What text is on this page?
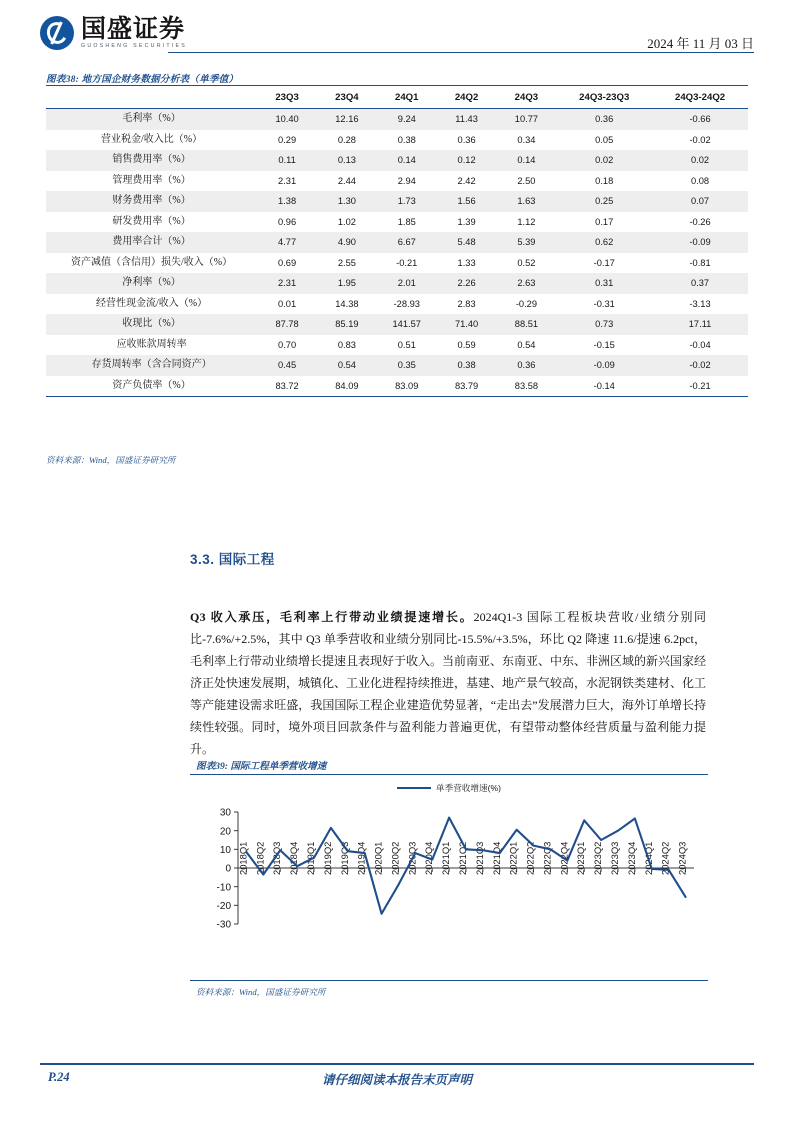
国盛证券
GUOSHENG SECURITIES	2024 年 11 月 03 日
图表38: 地方国企财务数据分析表（单季值）
	23Q3	23Q4	24Q1	24Q2	24Q3	24Q3-23Q3	24Q3-24Q2
毛利率（%）	10.40	12.16	9.24	11.43	10.77	0.36	-0.66
营业税金/收入比（%）	0.29	0.28	0.38	0.36	0.34	0.05	-0.02
销售费用率（%）	0.11	0.13	0.14	0.12	0.14	0.02	0.02
管理费用率（%）	2.31	2.44	2.94	2.42	2.50	0.18	0.08
财务费用率（%）	1.38	1.30	1.73	1.56	1.63	0.25	0.07
研发费用率（%）	0.96	1.02	1.85	1.39	1.12	0.17	-0.26
费用率合计（%）	4.77	4.90	6.67	5.48	5.39	0.62	-0.09
资产减值（含信用）损失/收入（%）	0.69	2.55	-0.21	1.33	0.52	-0.17	-0.81
净利率（%）	2.31	1.95	2.01	2.26	2.63	0.31	0.37
经营性现金流/收入（%）	0.01	14.38	-28.93	2.83	-0.29	-0.31	-3.13
收现比（%）	87.78	85.19	141.57	71.40	88.51	0.73	17.11
应收账款周转率	0.70	0.83	0.51	0.59	0.54	-0.15	-0.04
存货周转率（含合同资产）	0.45	0.54	0.35	0.38	0.36	-0.09	-0.02
资产负债率（%）	83.72	84.09	83.09	83.79	83.58	-0.14	-0.21
资料来源：Wind，国盛证券研究所
3.3. 国际工程

Q3 收入承压，毛利率上行带动业绩提速增长。2024Q1-3 国际工程板块营收/业绩分别同比-7.6%/+2.5%，其中 Q3 单季营收和业绩分别同比-15.5%/+3.5%，环比 Q2 降速 11.6/提速 6.2pct，毛利率上行带动业绩增长提速且表现好于收入。当前南亚、东南亚、中东、非洲区域的新兴国家经济正处快速发展期，城镇化、工业化进程持续推进，基建、地产景气较高，水泥钢铁类建材、化工等产能建设需求旺盛，我国国际工程企业建造优势显著，“走出去”发展潜力巨大，海外订单增长持续性较强。同时，境外项目回款条件与盈利能力普遍更优，有望带动整体经营质量与盈利能力提升。

图表39: 国际工程单季营收增速
单季营收增速(%)
30
20
10
0
-10
-20
-30
2018Q1 2018Q2 2018Q3 2018Q4 2019Q1 2019Q2 2019Q3 2019Q4 2020Q1 2020Q2 2020Q3 2020Q4 2021Q1 2021Q2 2021Q3 2021Q4 2022Q1 2022Q2 2022Q3 2022Q4 2023Q1 2023Q2 2023Q3 2023Q4 2024Q1 2024Q2 2024Q3
资料来源：Wind，国盛证券研究所
P.24	请仔细阅读本报告末页声明
